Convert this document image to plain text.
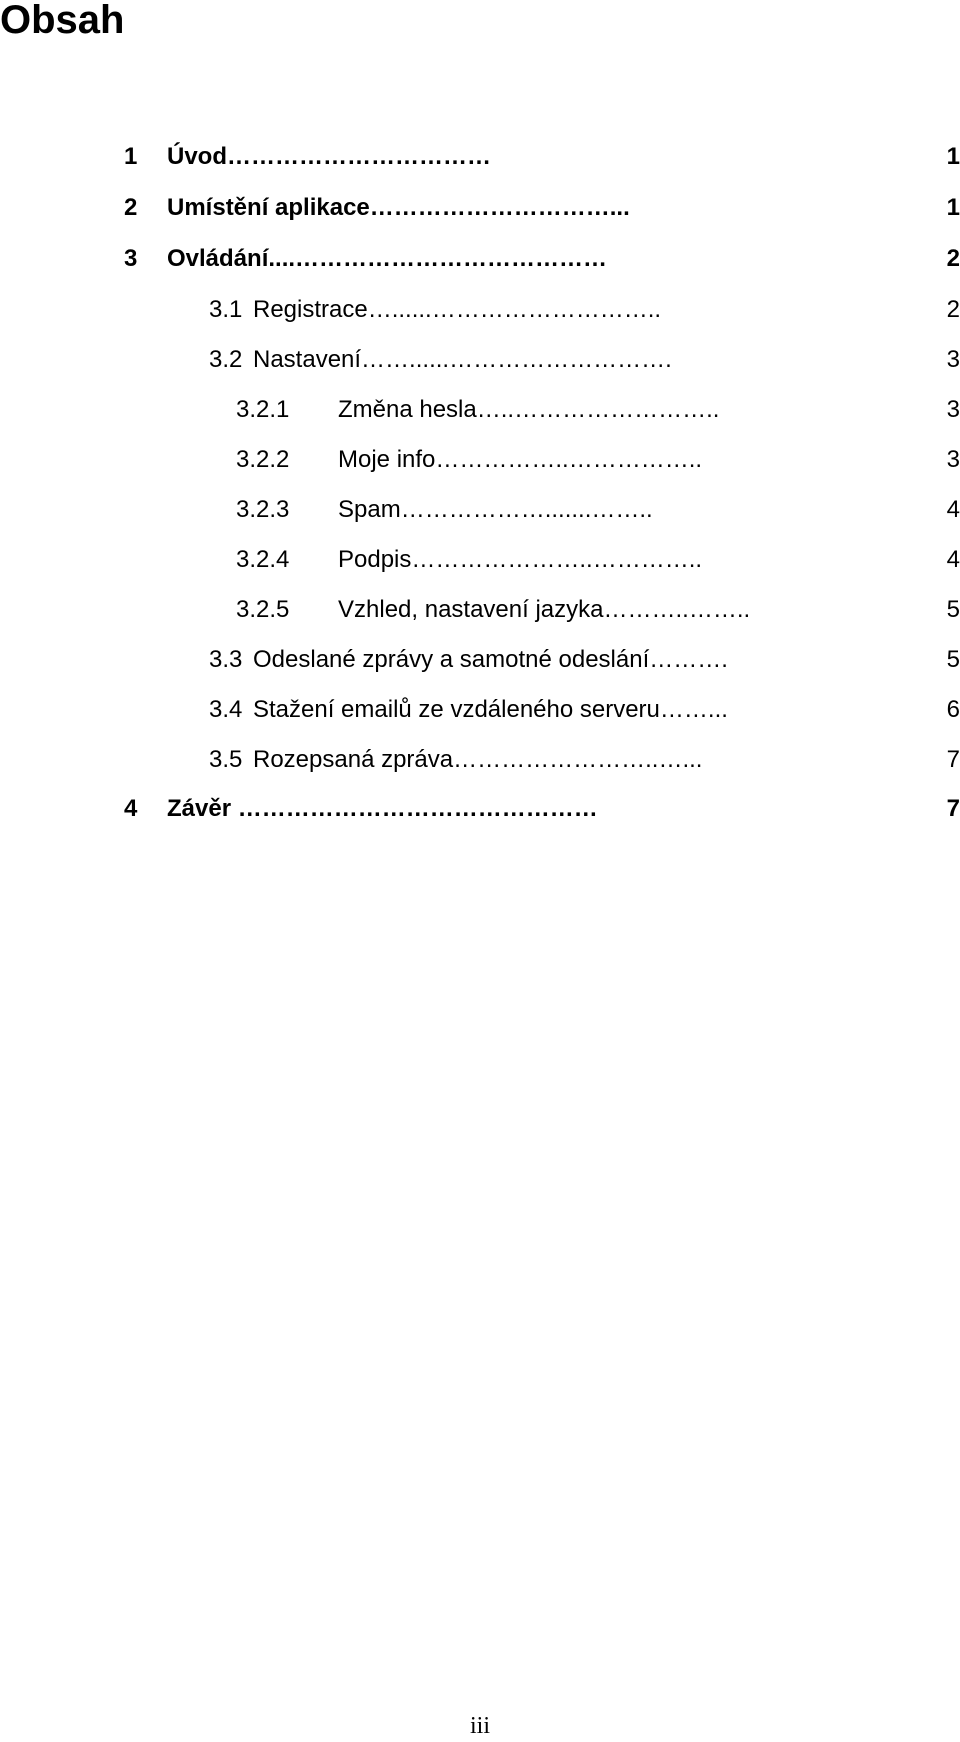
Obsah
1 Úvod……………………………	1
2 Umístění aplikace…………………………...	1
3 Ovládání....…………………………………	2
3.1 Registrace…......………………………..	2
3.2 Nastavení……......……………………….	3
3.2.1 Změna hesla…..……………………..	3
3.2.2 Moje info……………..……………..	3
3.2.3 Spam……………….......……..	4
3.2.4 Podpis…………………..…………..	4
3.2.5 Vzhled, nastavení jazyka………..……..	5
3.3 Odeslané zprávy a samotné odeslání……….	5
3.4 Stažení emailů ze vzdáleného serveru……...	6
3.5 Rozepsaná zpráva……………………..…...	7
4 Závěr ………………………………………	7
iii
